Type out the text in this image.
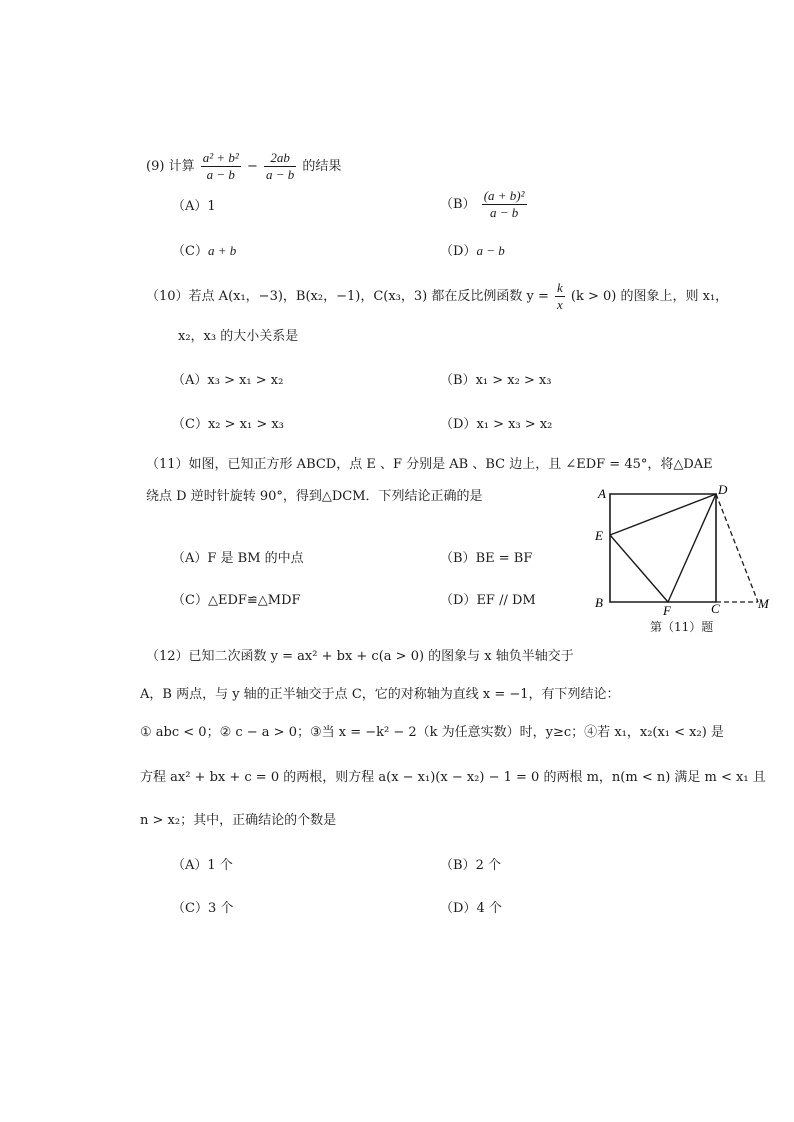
(9) 计算 $\frac{\text{a² + b²}}{a - b} - \frac{2ab}{a - b}$ 的结果
（A）1	$(B) \frac{\text{(a + b)²}}{a - b}$
（C）a + b	（D）a − b
（10）若点 A(x₁，−3)，B(x₂，−1)，C(x₃，3) 都在反比例函数 $y = \frac{k}{x} (k > 0)$ 的图象上，则 x₁，
x₂，x₃ 的大小关系是
（A）x₃ > x₁ > x₂	（B）x₁ > x₂ > x₃
（C）x₂ > x₁ > x₃	（D）x₁ > x₃ > x₂
（11）如图，已知正方形 ABCD，点 E 、F 分别是 AB 、BC 边上，且 ∠EDF = 45°，将△DAE
绕点 D 逆时针旋转 90°，得到△DCM．下列结论正确的是
（A）F 是 BM 的中点	（B）BE = BF
（C）△EDF≌△MDF	（D）EF // DM
A	D
E
B
F	C	M
第（11）题
（12）已知二次函数 y = ax² + bx + c(a > 0) 的图象与 x 轴负半轴交于
A，B 两点，与 y 轴的正半轴交于点 C，它的对称轴为直线 x = −1，有下列结论：
① abc < 0；② c − a > 0；③当 x = −k² − 2（k 为任意实数）时，y≥c；④若 x₁，x₂(x₁ < x₂) 是
方程 ax² + bx + c = 0 的两根，则方程 a(x − x₁)(x − x₂) − 1 = 0 的两根 m，n(m < n) 满足 m < x₁ 且
n > x₂；其中，正确结论的个数是
（A）1 个	（B）2 个
（C）3 个	（D）4 个
